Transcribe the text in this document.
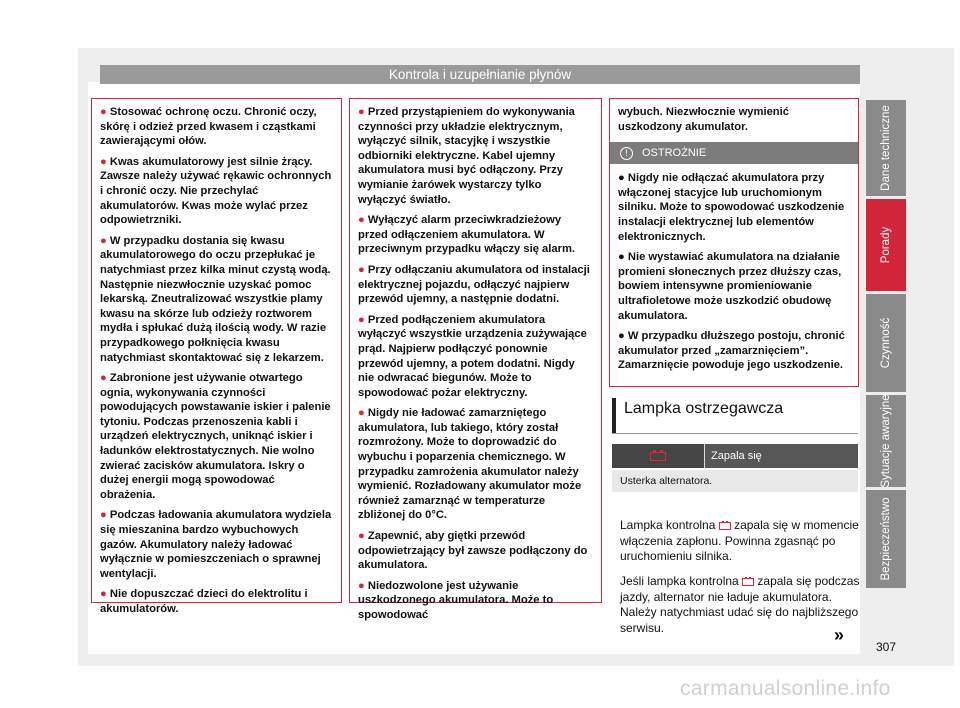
Kontrola i uzupełnianie płynów

● Stosować ochronę oczu. Chronić oczy, skórę i odzież przed kwasem i cząstkami zawierającymi ołów.

● Kwas akumulatorowy jest silnie żrący. Zawsze należy używać rękawic ochronnych i chronić oczy. Nie przechylać akumulatorów. Kwas może wylać przez odpowietrzniki.

● W przypadku dostania się kwasu akumulatorowego do oczu przepłukać je natychmiast przez kilka minut czystą wodą. Następnie niezwłocznie uzyskać pomoc lekarską. Zneutralizować wszystkie plamy kwasu na skórze lub odzieży roztworem mydła i spłukać dużą ilością wody. W razie przypadkowego połknięcia kwasu natychmiast skontaktować się z lekarzem.

● Zabronione jest używanie otwartego ognia, wykonywania czynności powodujących powstawanie iskier i palenie tytoniu. Podczas przenoszenia kabli i urządzeń elektrycznych, uniknąć iskier i ładunków elektrostatycznych. Nie wolno zwierać zacisków akumulatora. Iskry o dużej energii mogą spowodować obrażenia.

● Podczas ładowania akumulatora wydziela się mieszanina bardzo wybuchowych gazów. Akumulatory należy ładować wyłącznie w pomieszczeniach o sprawnej wentylacji.

● Nie dopuszczać dzieci do elektrolitu i akumulatorów.

● Przed przystąpieniem do wykonywania czynności przy układzie elektrycznym, wyłączyć silnik, stacyjkę i wszystkie odbiorniki elektryczne. Kabel ujemny akumulatora musi być odłączony. Przy wymianie żarówek wystarczy tylko wyłączyć światło.

● Wyłączyć alarm przeciwkradzieżowy przed odłączeniem akumulatora. W przeciwnym przypadku włączy się alarm.

● Przy odłączaniu akumulatora od instalacji elektrycznej pojazdu, odłączyć najpierw przewód ujemny, a następnie dodatni.

● Przed podłączeniem akumulatora wyłączyć wszystkie urządzenia zużywające prąd. Najpierw podłączyć ponownie przewód ujemny, a potem dodatni. Nigdy nie odwracać biegunów. Może to spowodować pożar elektryczny.

● Nigdy nie ładować zamarzniętego akumulatora, lub takiego, który został rozmrożony. Może to doprowadzić do wybuchu i poparzenia chemicznego. W przypadku zamrożenia akumulator należy wymienić. Rozładowany akumulator może również zamarznąć w temperaturze zbliżonej do 0°C.

● Zapewnić, aby giętki przewód odpowietrzający był zawsze podłączony do akumulatora.

● Niedozwolone jest używanie uszkodzonego akumulatora. Może to spowodować

wybuch. Niezwłocznie wymienić uszkodzony akumulator.

! OSTROŻNIE

● Nigdy nie odłączać akumulatora przy włączonej stacyjce lub uruchomionym silniku. Może to spowodować uszkodzenie instalacji elektrycznej lub elementów elektronicznych.

● Nie wystawiać akumulatora na działanie promieni słonecznych przez dłuższy czas, bowiem intensywne promieniowanie ultrafioletowe może uszkodzić obudowę akumulatora.

● W przypadku dłuższego postoju, chronić akumulator przed „zamarznięciem”. Zamarznięcie powoduje jego uszkodzenie.

Lampka ostrzegawcza
Zapala się
Usterka alternatora.

Lampka kontrolna  zapala się w momencie włączenia zapłonu. Powinna zgasnąć po uruchomieniu silnika.

Jeśli lampka kontrolna  zapala się podczas jazdy, alternator nie ładuje akumulatora. Należy natychmiast udać się do najbliższego serwisu.	»
307
Dane techniczne
Porady
Czynność
Sytuacje awaryjne
Bezpieczeństwo
carmanualsonline.info
